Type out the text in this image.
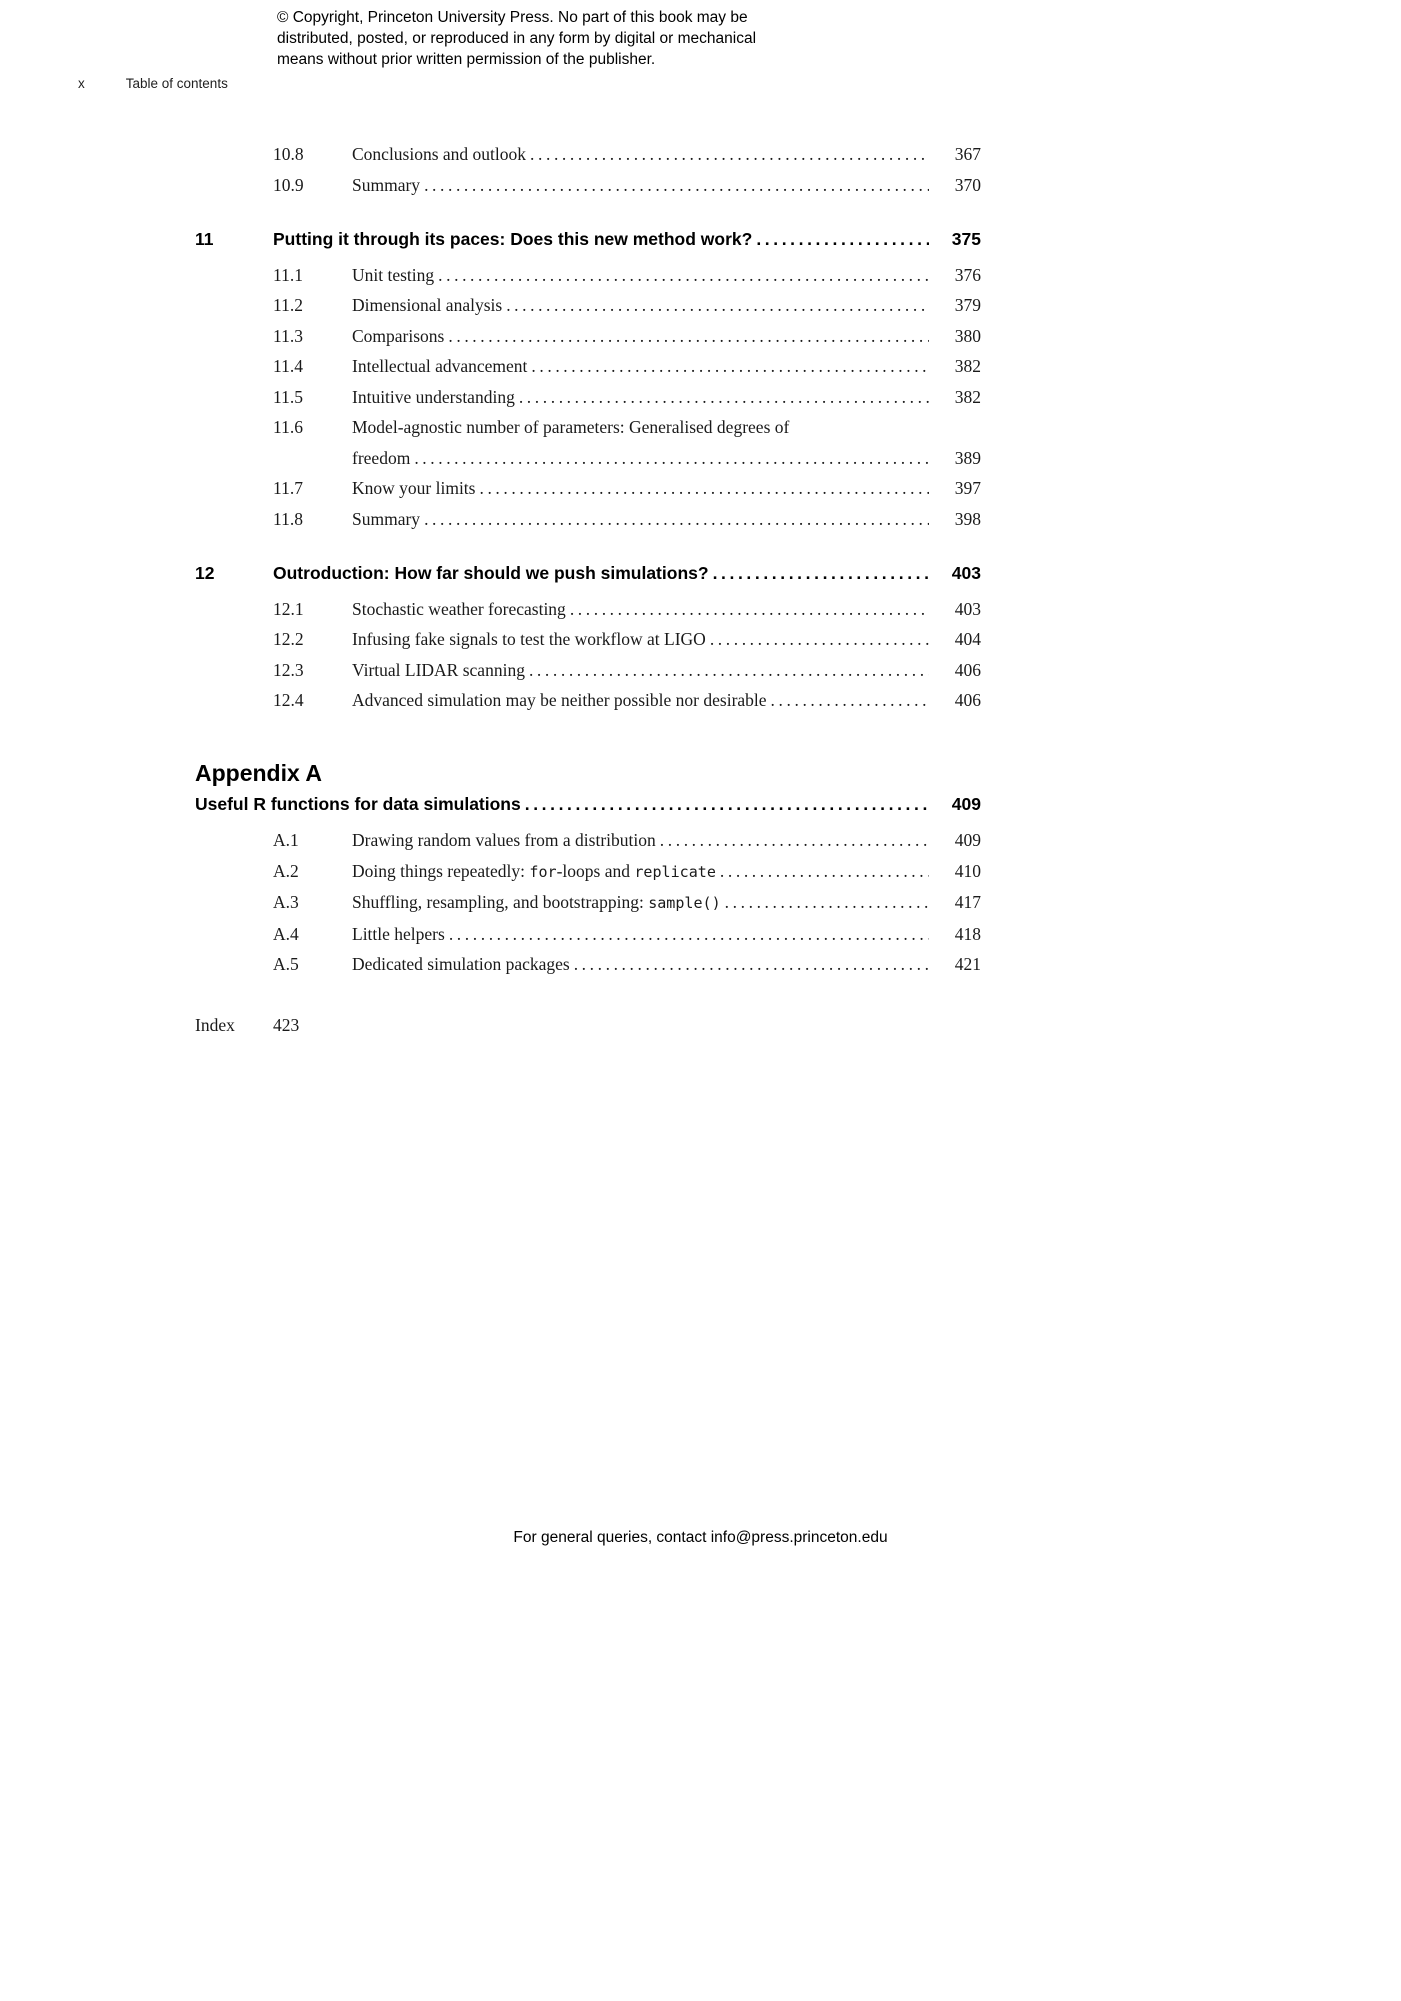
© Copyright, Princeton University Press. No part of this book may be
distributed, posted, or reproduced in any form by digital or mechanical
means without prior written permission of the publisher.
x	Table of contents
10.8	Conclusions and outlook .....	367
10.9	Summary .....	370
11	Putting it through its paces: Does this new method work? .....	375
11.1	Unit testing .....	376
11.2	Dimensional analysis .....	379
11.3	Comparisons .....	380
11.4	Intellectual advancement .....	382
11.5	Intuitive understanding .....	382
11.6	Model-agnostic number of parameters: Generalised degrees of
freedom .....	389
11.7	Know your limits .....	397
11.8	Summary .....	398
12	Outroduction: How far should we push simulations? .....	403
12.1	Stochastic weather forecasting .....	403
12.2	Infusing fake signals to test the workflow at LIGO .....	404
12.3	Virtual LIDAR scanning .....	406
12.4	Advanced simulation may be neither possible nor desirable .....	406
Appendix A
Useful R functions for data simulations .....	409
A.1	Drawing random values from a distribution .....	409
A.2	Doing things repeatedly: for-loops and replicate .....	410
A.3	Shuffling, resampling, and bootstrapping: sample() .....	417
A.4	Little helpers .....	418
A.5	Dedicated simulation packages .....	421
Index	423
For general queries, contact info@press.princeton.edu
